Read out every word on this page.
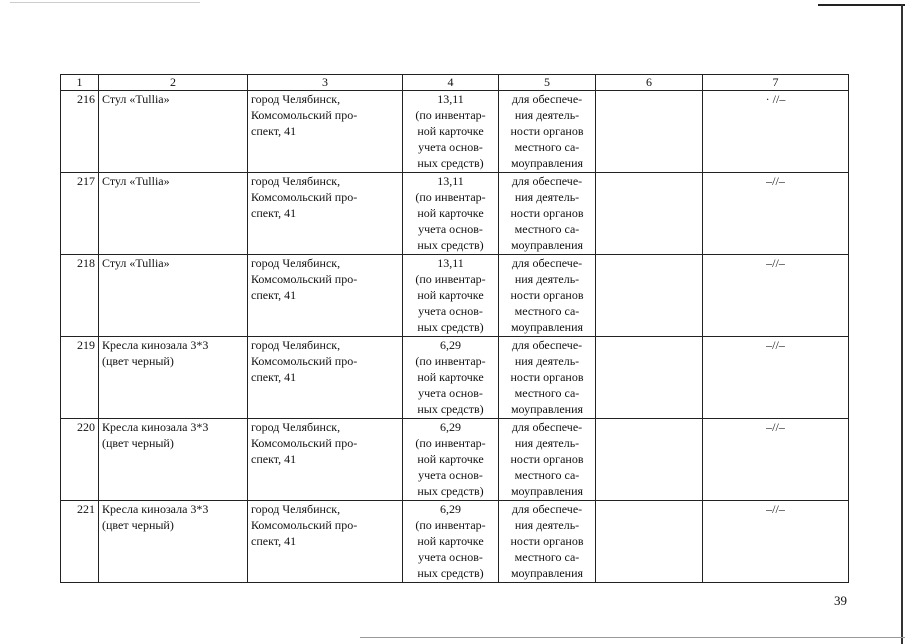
1	2	3	4	5	6	7
216	Стул «Tullia»	город Челябинск,
Комсомольский про-
спект, 41	13,11
(по инвентар-
ной карточке
учета основ-
ных средств)	для обеспече-
ния деятель-
ности органов
местного са-
моуправления		· //–
217	Стул «Tullia»	город Челябинск,
Комсомольский про-
спект, 41	13,11
(по инвентар-
ной карточке
учета основ-
ных средств)	для обеспече-
ния деятель-
ности органов
местного са-
моуправления		–//–
218	Стул «Tullia»	город Челябинск,
Комсомольский про-
спект, 41	13,11
(по инвентар-
ной карточке
учета основ-
ных средств)	для обеспече-
ния деятель-
ности органов
местного са-
моуправления		–//–
219	Кресла кинозала 3*3
(цвет черный)	город Челябинск,
Комсомольский про-
спект, 41	6,29
(по инвентар-
ной карточке
учета основ-
ных средств)	для обеспече-
ния деятель-
ности органов
местного са-
моуправления		–//–
220	Кресла кинозала 3*3
(цвет черный)	город Челябинск,
Комсомольский про-
спект, 41	6,29
(по инвентар-
ной карточке
учета основ-
ных средств)	для обеспече-
ния деятель-
ности органов
местного са-
моуправления		–//–
221	Кресла кинозала 3*3
(цвет черный)	город Челябинск,
Комсомольский про-
спект, 41	6,29
(по инвентар-
ной карточке
учета основ-
ных средств)	для обеспече-
ния деятель-
ности органов
местного са-
моуправления		–//–
39
